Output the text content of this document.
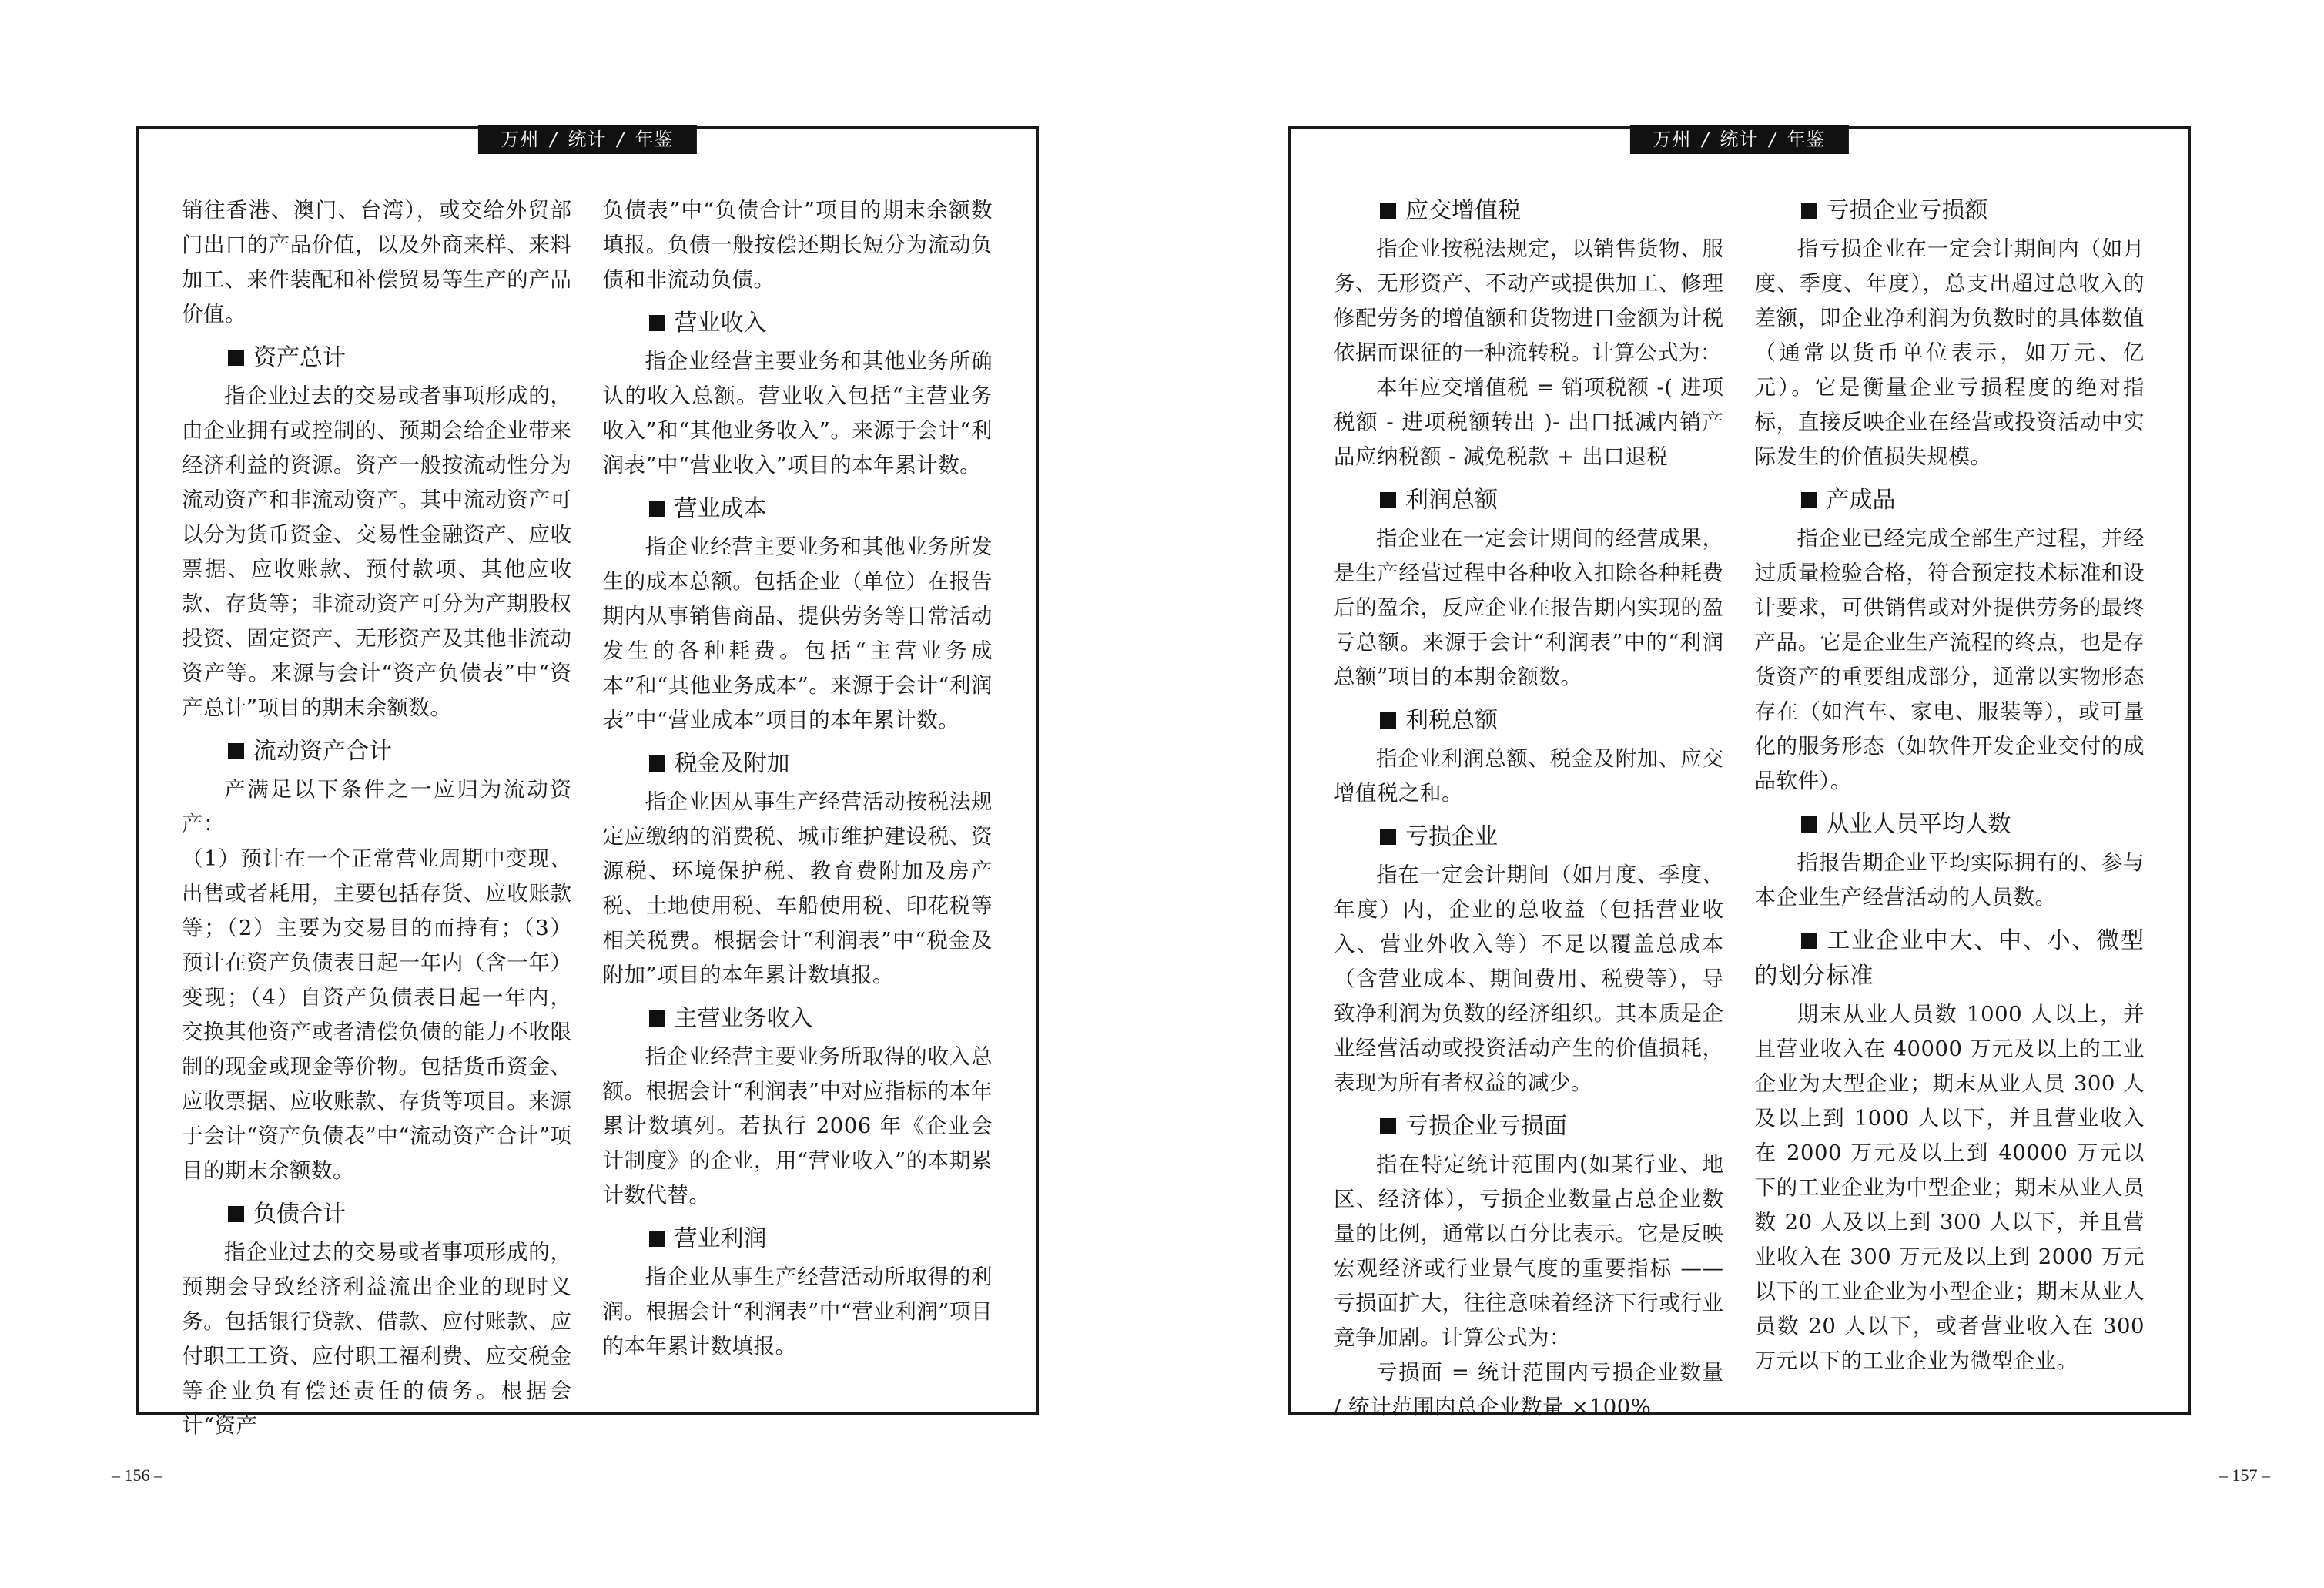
万州 / 统计 / 年鉴

销往香港、澳门、台湾），或交给外贸部门出口的产品价值，以及外商来样、来料加工、来件装配和补偿贸易等生产的产品价值。

资产总计

指企业过去的交易或者事项形成的，由企业拥有或控制的、预期会给企业带来经济利益的资源。资产一般按流动性分为流动资产和非流动资产。其中流动资产可以分为货币资金、交易性金融资产、应收票据、应收账款、预付款项、其他应收款、存货等；非流动资产可分为产期股权投资、固定资产、无形资产及其他非流动资产等。来源与会计“资产负债表”中“资产总计”项目的期末余额数。

流动资产合计

产满足以下条件之一应归为流动资产：

（1）预计在一个正常营业周期中变现、出售或者耗用，主要包括存货、应收账款等；（2）主要为交易目的而持有；（3）预计在资产负债表日起一年内（含一年）变现；（4）自资产负债表日起一年内，交换其他资产或者清偿负债的能力不收限制的现金或现金等价物。包括货币资金、应收票据、应收账款、存货等项目。来源于会计“资产负债表”中“流动资产合计”项目的期末余额数。

负债合计

指企业过去的交易或者事项形成的，预期会导致经济利益流出企业的现时义务。包括银行贷款、借款、应付账款、应付职工工资、应付职工福利费、应交税金等企业负有偿还责任的债务。根据会计“资产

负债表”中“负债合计”项目的期末余额数填报。负债一般按偿还期长短分为流动负债和非流动负债。

营业收入

指企业经营主要业务和其他业务所确认的收入总额。营业收入包括“主营业务收入”和“其他业务收入”。来源于会计“利润表”中“营业收入”项目的本年累计数。

营业成本

指企业经营主要业务和其他业务所发生的成本总额。包括企业（单位）在报告期内从事销售商品、提供劳务等日常活动发生的各种耗费。包括“主营业务成本”和“其他业务成本”。来源于会计“利润表”中“营业成本”项目的本年累计数。

税金及附加

指企业因从事生产经营活动按税法规定应缴纳的消费税、城市维护建设税、资源税、环境保护税、教育费附加及房产税、土地使用税、车船使用税、印花税等相关税费。根据会计“利润表”中“税金及附加”项目的本年累计数填报。

主营业务收入

指企业经营主要业务所取得的收入总额。根据会计“利润表”中对应指标的本年累计数填列。若执行 2006 年《企业会计制度》的企业，用“营业收入”的本期累计数代替。

营业利润

指企业从事生产经营活动所取得的利润。根据会计“利润表”中“营业利润”项目的本年累计数填报。

– 156 –
万州 / 统计 / 年鉴
应交增值税

指企业按税法规定，以销售货物、服务、无形资产、不动产或提供加工、修理修配劳务的增值额和货物进口金额为计税依据而课征的一种流转税。计算公式为：

本年应交增值税 = 销项税额 -( 进项税额 - 进项税额转出 )- 出口抵减内销产品应纳税额 - 减免税款 + 出口退税

利润总额

指企业在一定会计期间的经营成果，是生产经营过程中各种收入扣除各种耗费后的盈余，反应企业在报告期内实现的盈亏总额。来源于会计“利润表”中的“利润总额”项目的本期金额数。

利税总额

指企业利润总额、税金及附加、应交增值税之和。

亏损企业

指在一定会计期间（如月度、季度、年度）内，企业的总收益（包括营业收入、营业外收入等）不足以覆盖总成本（含营业成本、期间费用、税费等），导致净利润为负数的经济组织。其本质是企业经营活动或投资活动产生的价值损耗，表现为所有者权益的减少。

亏损企业亏损面

指在特定统计范围内(如某行业、地区、经济体），亏损企业数量占总企业数量的比例，通常以百分比表示。它是反映宏观经济或行业景气度的重要指标 —— 亏损面扩大，往往意味着经济下行或行业竞争加剧。计算公式为：

亏损面 = 统计范围内亏损企业数量 / 统计范围内总企业数量 ×100%

亏损企业亏损额

指亏损企业在一定会计期间内（如月度、季度、年度），总支出超过总收入的差额，即企业净利润为负数时的具体数值（通常以货币单位表示，如万元、亿元）。它是衡量企业亏损程度的绝对指标，直接反映企业在经营或投资活动中实际发生的价值损失规模。

产成品

指企业已经完成全部生产过程，并经过质量检验合格，符合预定技术标准和设计要求，可供销售或对外提供劳务的最终产品。它是企业生产流程的终点，也是存货资产的重要组成部分，通常以实物形态存在（如汽车、家电、服装等），或可量化的服务形态（如软件开发企业交付的成品软件）。

从业人员平均人数

指报告期企业平均实际拥有的、参与本企业生产经营活动的人员数。

工业企业中大、中、小、微型的划分标准

期末从业人员数 1000 人以上，并且营业收入在 40000 万元及以上的工业企业为大型企业；期末从业人员 300 人及以上到 1000 人以下，并且营业收入在 2000 万元及以上到 40000 万元以下的工业企业为中型企业；期末从业人员数 20 人及以上到 300 人以下，并且营业收入在 300 万元及以上到 2000 万元以下的工业企业为小型企业；期末从业人员数 20 人以下，或者营业收入在 300 万元以下的工业企业为微型企业。

– 157 –
